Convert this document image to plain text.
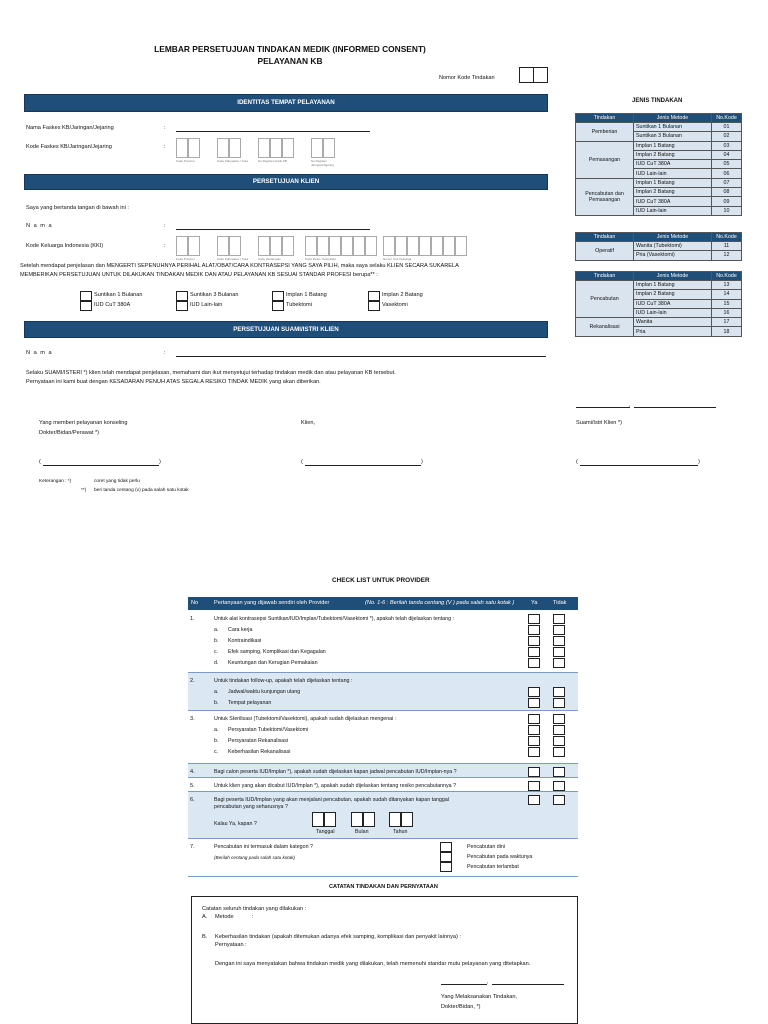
LEMBAR PERSETUJUAN TINDAKAN MEDIK (INFORMED CONSENT)
PELAYANAN KB
Nomor Kode Tindakan
IDENTITAS TEMPAT PELAYANAN
Nama Faskes KB/Jaringan/Jejaring	:
Kode Faskes KB/Jaringan/Jejaring	:
Kode Provinsi	Kode Kabupaten / Kota	No Register Induk KB	No Register Jaringan/Jejaring
PERSETUJUAN KLIEN
Saya yang bertanda tangan di bawah ini :
N a m a	:
Kode Keluarga Indonesia (KKI)	:
Kode Provinsi	Kode Kabupaten / Kota	Kode Kecamatan	Kode Desa / Kelurahan	Nomor Urut Keluarga
Setelah mendapat penjelasan dan MENGERTI SEPENUHNYA PERIHAL ALAT/OBAT/CARA KONTRASEPSI YANG SAYA PILIH, maka saya selaku KLIEN SECARA SUKARELA
MEMBERIKAN PERSETUJUAN UNTUK DILAKUKAN TINDAKAN MEDIK DAN ATAU PELAYANAN KB SESUAI STANDAR PROFESI berupa** :
Suntikan 1 Bulanan
IUD CuT 380A
Suntikan 3 Bulanan
IUD Lain-lain
Implan 1 Batang
Tubektomi
Implan 2 Batang
Vasektomi
PERSETUJUAN SUAMI/ISTRI KLIEN
N a m a	:
Selaku SUAMI/ISTERI *) klien telah mendapat penjelasan, memahami dan ikut menyetujui terhadap tindakan medik dan atau pelayanan KB tersebut.
Pernyataan ini kami buat dengan KESADARAN PENUH ATAS SEGALA RESIKO TINDAK MEDIK yang akan diberikan.
,
Yang memberi pelayanan konseling
Dokter/Bidan/Perawat *)
Klien,	Suami/Istri Klien *)
(	)	(	)	(	)
Keterangan : *)	coret yang tidak perlu
**) beri tanda centang (v) pada salah satu kotak
JENIS TINDAKAN
Tindakan	Jenis Metode	No.Kode
Pemberian	Suntikan 1 Bulanan	01
	Suntikan 3 Bulanan	02
Pemasangan	Implan 1 Batang	03
	Implan 2 Batang	04
	IUD CuT 380A	05
	IUD Lain-lain	06
Pencabutan dan Pemasangan	Implan 1 Batang	07
	Implan 2 Batang	08
	IUD CuT 380A	09
	IUD Lain-lain	10
Tindakan	Jenis Metode	No.Kode
Operatif	Wanita (Tubektomi)	11
	Pria (Vasektomi)	12
Tindakan	Jenis Metode	No.Kode
Pencabutan	Implan 1 Batang	13
	Implan 2 Batang	14
	IUD CuT 380A	15
	IUD Lain-lain	16
Rekanalisasi	Wanita	17
	Pria	18
CHECK LIST UNTUK PROVIDER
No	Pertanyaan yang dijawab sendiri oleh Provider	(No. 1-6 : Berilah tanda centang (V ) pada salah satu kotak )	Ya	Tidak
1.	Untuk alat kontrasepsi Suntikan/IUD/Implan/Tubektomi/Vasektomi *), apakah telah dijelaskan tentang :
a. Cara kerja
b. Kontraindikasi
c. Efek samping, Komplikasi dan Kegagalan
d. Keuntungan dan Kerugian Pemakaian
2.	Untuk tindakan follow-up, apakah telah dijelaskan tentang :
a. Jadwal/waktu kunjungan ulang
b. Tempat pelayanan
3.	Untuk Sterilisasi (Tubektomi/Vasektomi), apakah sudah dijelaskan mengenai :
a. Persyaratan Tubektomi/Vasektomi
b. Persyaratan Rekanalisasi
c. Keberhasilan Rekanalisasi
4.	Bagi calon peserta IUD/Implan *), apakah sudah dijelaskan kapan jadwal pencabutan IUD/Implan-nya ?
5.	Untuk klien yang akan dicabut IUD/Implan *), apakah sudah dijelaskan tentang resiko pencabutannya ?
6.	Bagi peserta IUD/Implan yang akan menjalani pencabutan, apakah sudah ditanyakan kapan tanggal
pencabutan yang seharusnya ?
Kalau Ya, kapan ?
Tanggal	Bulan	Tahun
7.	Pencabutan ini termasuk dalam kategori ?
(Berilah centang pada salah satu kotak)
Pencabutan dini
Pencabutan pada waktunya
Pencabutan terlambat
CATATAN TINDAKAN DAN PERNYATAAN
Catatan seluruh tindakan yang dilakukan :
A. Metode	:
B. Keberhasilan tindakan (apakah ditemukan adanya efek samping, komplikasi dan penyakit lainnya) :
Pernyataan :
Dengan ini saya menyatakan bahwa tindakan medik yang dilakukan, telah memenuhi standar mutu pelayanan yang ditetapkan.
,
Yang Melaksanakan Tindakan,
Dokter/Bidan, *)
